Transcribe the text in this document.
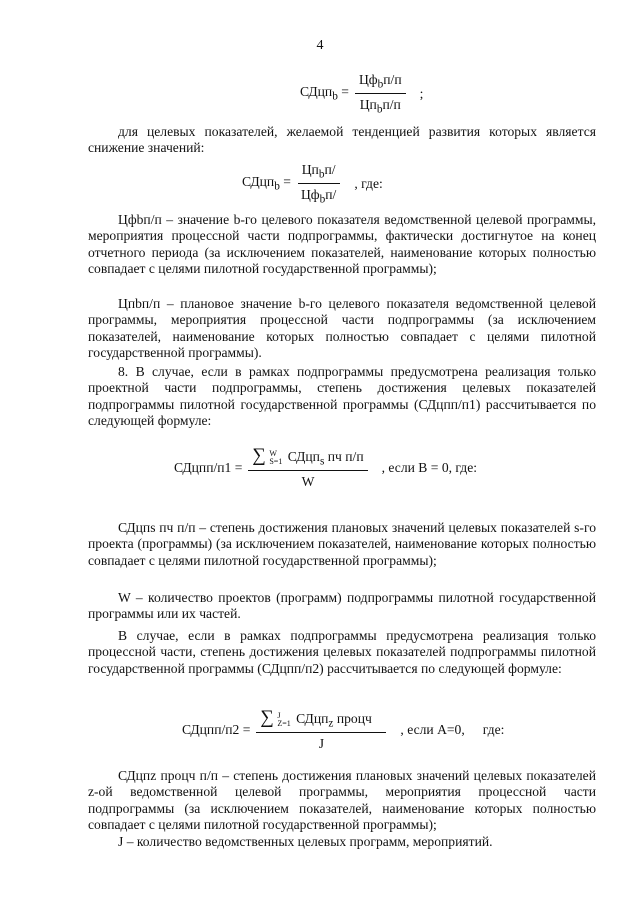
4
СДцп$_b$ = $\frac{Цф_bп/п}{Цп_bп/п}$ ;
для целевых показателей, желаемой тенденцией развития которых является снижение значений:
СДцп$_b$ = $\frac{Цп_bп/}{Цф_bп/}$ , где:
Цфbп/п – значение b-го целевого показателя ведомственной целевой программы, мероприятия процессной части подпрограммы, фактически достигнутое на конец отчетного периода (за исключением показателей, наименование которых полностью совпадает с целями пилотной государственной программы);
Цпbп/п – плановое значение b-го целевого показателя ведомственной целевой программы, мероприятия процессной части подпрограммы (за исключением показателей, наименование которых полностью совпадает с целями пилотной государственной программы).
8. В случае, если в рамках подпрограммы предусмотрена реализация только проектной части подпрограммы, степень достижения целевых показателей подпрограммы пилотной государственной программы (СДцпп/п1) рассчитывается по следующей формуле:
СДцпп/п1 = ∑ W
S=1 СДцп$_s$ пч п/п
W , если B = 0, где:
СДцпs пч п/п – степень достижения плановых значений целевых показателей s-го проекта (программы) (за исключением показателей, наименование которых полностью совпадает с целями пилотной государственной программы);
W – количество проектов (программ) подпрограммы пилотной государственной программы или их частей.
В случае, если в рамках подпрограммы предусмотрена реализация только процессной части, степень достижения целевых показателей подпрограммы пилотной государственной программы (СДцпп/п2) рассчитывается по следующей формуле:
СДцпп/п2 = ∑ J
Z=1 СДцп$_z$ процч
J , если A=0, где:
СДцпz процч п/п – степень достижения плановых значений целевых показателей z-ой ведомственной целевой программы, мероприятия процессной части подпрограммы (за исключением показателей, наименование которых полностью совпадает с целями пилотной государственной программы);
J – количество ведомственных целевых программ, мероприятий.
